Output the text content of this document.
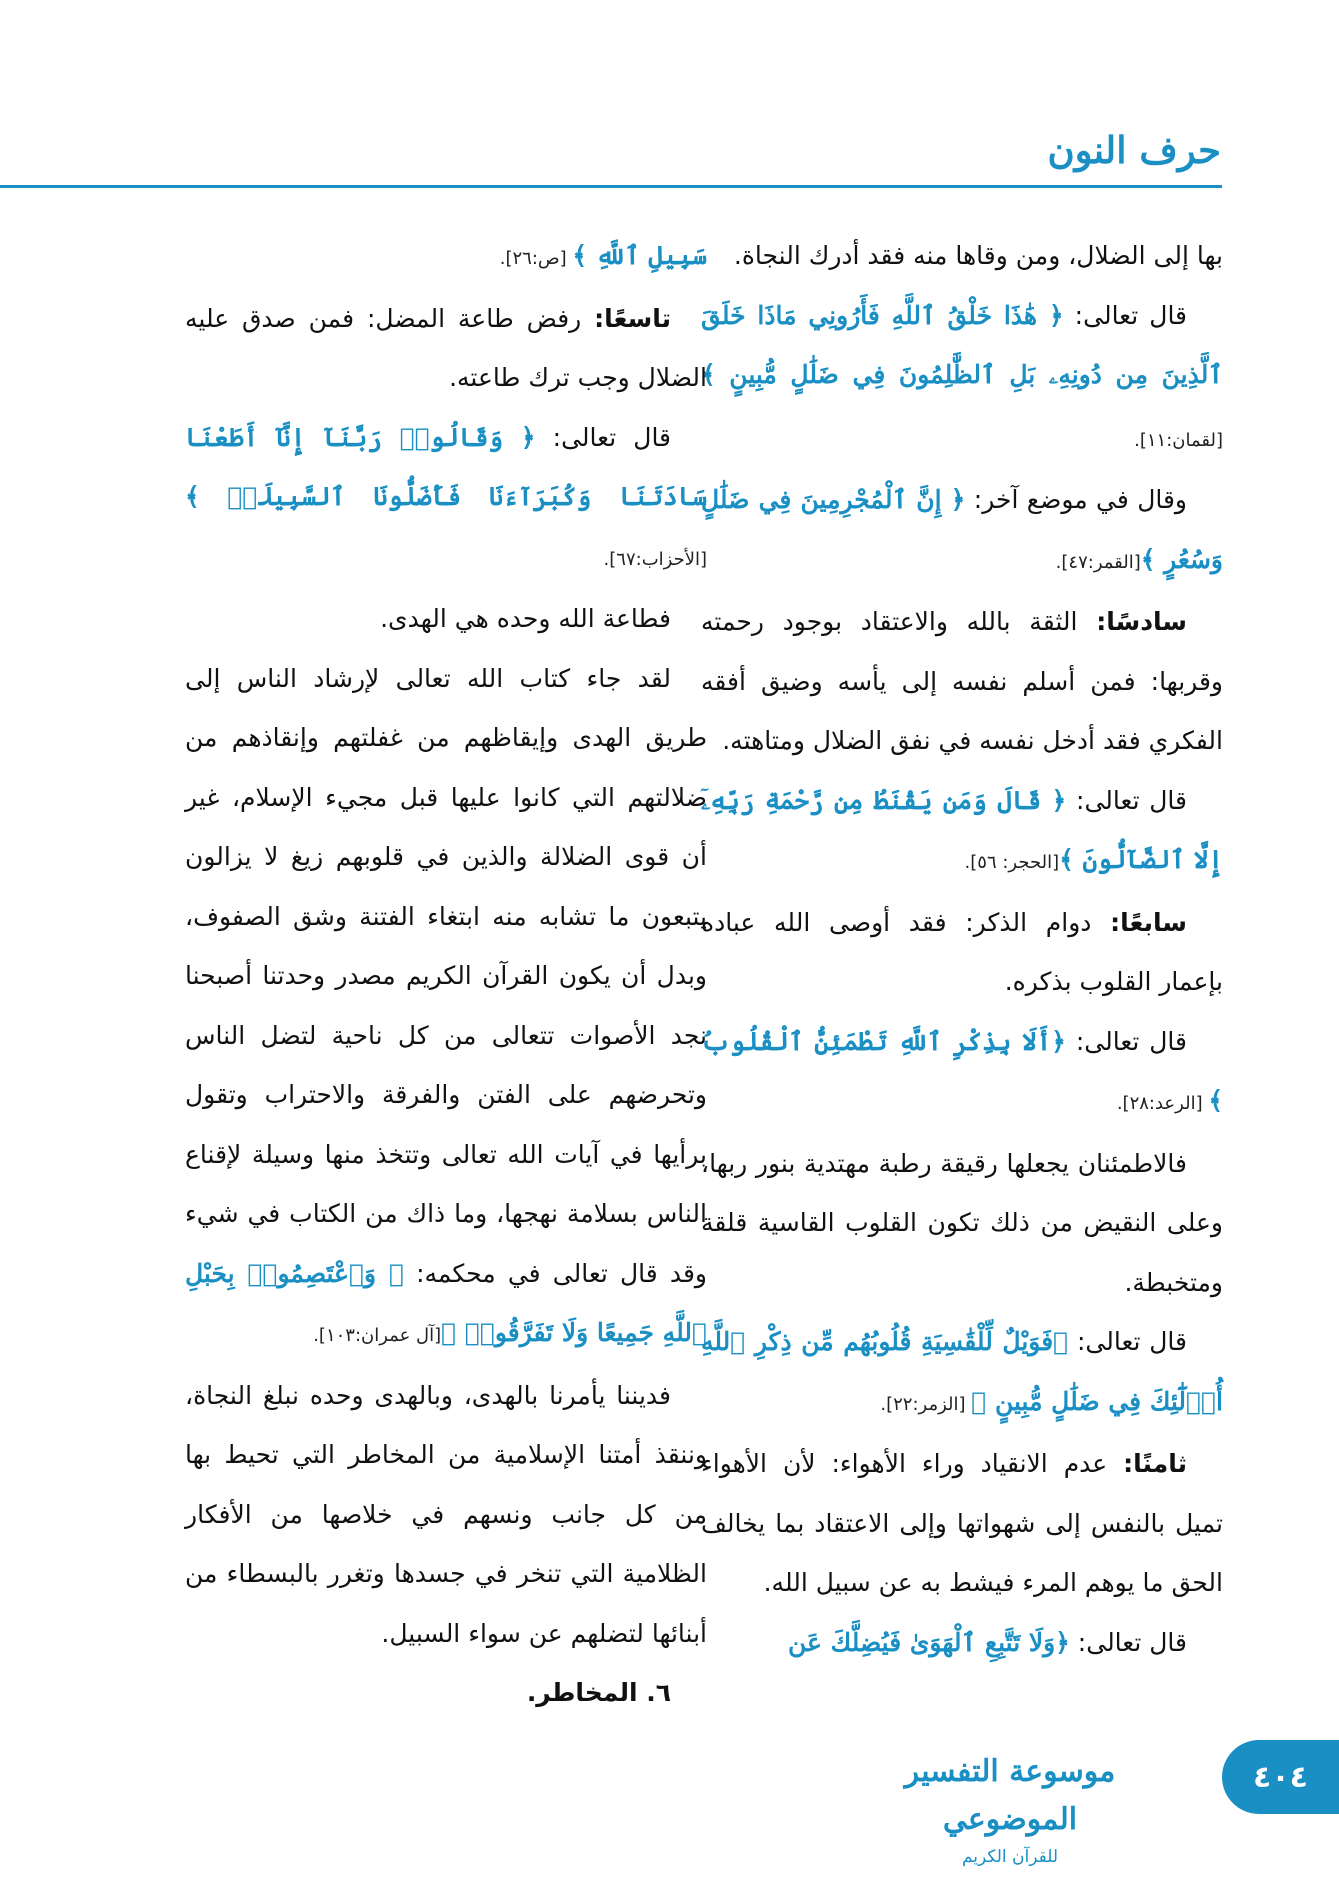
حرف النون

بها إلى الضلال، ومن وقاها منه فقد أدرك النجاة.

قال تعالى: ﴿ هَٰذَا خَلْقُ ٱللَّهِ فَأَرُونِي مَاذَا خَلَقَ ٱلَّذِينَ مِن دُونِهِۦ بَلِ ٱلظَّٰلِمُونَ فِي ضَلَٰلٍ مُّبِينٍ ﴾ [لقمان:١١].

وقال في موضع آخر: ﴿ إِنَّ ٱلْمُجْرِمِينَ فِي ضَلَٰلٍ وَسُعُرٍ ﴾[القمر:٤٧].

سادسًا: الثقة بالله والاعتقاد بوجود رحمته وقربها: فمن أسلم نفسه إلى يأسه وضيق أفقه الفكري فقد أدخل نفسه في نفق الضلال ومتاهته.

قال تعالى: ﴿ قَالَ وَمَن يَقْنَطُ مِن رَّحْمَةِ رَبِّهِۦٓ إِلَّا ٱلضَّآلُّونَ ﴾[الحجر: ٥٦].

سابعًا: دوام الذكر: فقد أوصى الله عباده بإعمار القلوب بذكره.

قال تعالى: ﴿أَلَا بِذِكْرِ ٱللَّهِ تَطْمَئِنُّ ٱلْقُلُوبُ ﴾ [الرعد:٢٨].

فالاطمئنان يجعلها رقيقة رطبة مهتدية بنور ربها، وعلى النقيض من ذلك تكون القلوب القاسية قلقة ومتخبطة.

قال تعالى: ﴿فَوَيْلٌ لِّلْقَٰسِيَةِ قُلُوبُهُم مِّن ذِكْرِ ٱللَّهِ أُو۟لَٰٓئِكَ فِي ضَلَٰلٍ مُّبِينٍ ﴾ [الزمر:٢٢].

ثامنًا: عدم الانقياد وراء الأهواء: لأن الأهواء تميل بالنفس إلى شهواتها وإلى الاعتقاد بما يخالف الحق ما يوهم المرء فيشط به عن سبيل الله.

قال تعالى: ﴿وَلَا تَتَّبِعِ ٱلْهَوَىٰ فَيُضِلَّكَ عَن

سَبِيلِ ٱللَّهِ ﴾ [ص:٢٦].

تاسعًا: رفض طاعة المضل: فمن صدق عليه الضلال وجب ترك طاعته.

قال تعالى: ﴿ وَقَالُوا۟ رَبَّنَآ إِنَّآ أَطَعْنَا سَادَتَنَا وَكُبَرَآءَنَا فَأَضَلُّونَا ٱلسَّبِيلَا۠ ﴾[الأحزاب:٦٧].

فطاعة الله وحده هي الهدى.

لقد جاء كتاب الله تعالى لإرشاد الناس إلى طريق الهدى وإيقاظهم من غفلتهم وإنقاذهم من ضلالتهم التي كانوا عليها قبل مجيء الإسلام، غير أن قوى الضلالة والذين في قلوبهم زيغ لا يزالون يتبعون ما تشابه منه ابتغاء الفتنة وشق الصفوف، وبدل أن يكون القرآن الكريم مصدر وحدتنا أصبحنا نجد الأصوات تتعالى من كل ناحية لتضل الناس وتحرضهم على الفتن والفرقة والاحتراب وتقول برأيها في آيات الله تعالى وتتخذ منها وسيلة لإقناع الناس بسلامة نهجها، وما ذاك من الكتاب في شيء وقد قال تعالى في محكمه: ﴿ وَٱعْتَصِمُوا۟ بِحَبْلِ ٱللَّهِ جَمِيعًا وَلَا تَفَرَّقُوا۟ ﴾[آل عمران:١٠٣].

فديننا يأمرنا بالهدى، وبالهدى وحده نبلغ النجاة، وننقذ أمتنا الإسلامية من المخاطر التي تحيط بها من كل جانب ونسهم في خلاصها من الأفكار الظلامية التي تنخر في جسدها وتغرر بالبسطاء من أبنائها لتضلهم عن سواء السبيل.

٦. المخاطر.

موسوعة التفسير الموضوعي
للقرآن الكريم
٤٠٤
